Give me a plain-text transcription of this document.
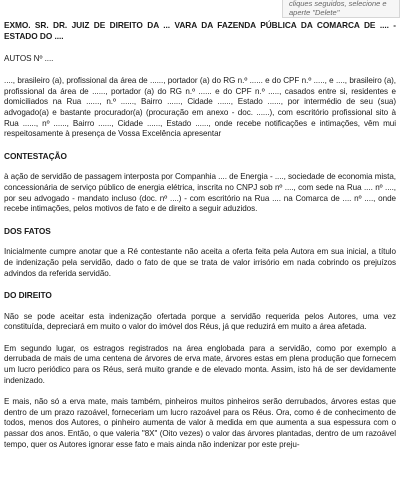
cliques seguidos, selecione e aperte "Delete"
EXMO. SR. DR. JUIZ DE DIREITO DA ... VARA DA FAZENDA PÚBLICA DA COMARCA DE .... - ESTADO DO ....
AUTOS Nº ....

...., brasileiro (a), profissional da área de ......, portador (a) do RG n.º ...... e do CPF n.º ....., e ...., brasileiro (a), profissional da área de ......, portador (a) do RG n.º ...... e do CPF n.º ....., casados entre si, residentes e domiciliados na Rua ......, n.º ......, Bairro ......, Cidade ......, Estado ......, por intermédio de seu (sua) advogado(a) e bastante procurador(a) (procuração em anexo - doc. ......), com escritório profissional sito à Rua ......, nº ......, Bairro ......, Cidade ......, Estado ......, onde recebe notificações e intimações, vêm mui respeitosamente à presença de Vossa Excelência apresentar

CONTESTAÇÃO

à ação de servidão de passagem interposta por Companhia .... de Energia - ...., sociedade de economia mista, concessionária de serviço público de energia elétrica, inscrita no CNPJ sob nº ...., com sede na Rua .... nº ...., por seu advogado - mandato incluso (doc. nº ....) - com escritório na Rua .... na Comarca de .... nº ...., onde recebe intimações, pelos motivos de fato e de direito a seguir aduzidos.

DOS FATOS

Inicialmente cumpre anotar que a Ré contestante não aceita a oferta feita pela Autora em sua inicial, a título de indenização pela servidão, dado o fato de que se trata de valor irrisório em nada cobrindo os prejuízos advindos da referida servidão.

DO DIREITO

Não se pode aceitar esta indenização ofertada porque a servidão requerida pelos Autores, uma vez constituída, depreciará em muito o valor do imóvel dos Réus, já que reduzirá em muito a área afetada.

Em segundo lugar, os estragos registrados na área englobada para a servidão, como por exemplo a derrubada de mais de uma centena de árvores de erva mate, árvores estas em plena produção que fornecem um lucro periódico para os Réus, será muito grande e de elevado monta. Assim, isto há de ser devidamente indenizado.

E mais, não só a erva mate, mais também, pinheiros muitos pinheiros serão derrubados, árvores estas que dentro de um prazo razoável, forneceriam um lucro razoável para os Réus. Ora, como é de conhecimento de todos, menos dos Autores, o pinheiro aumenta de valor à medida em que aumenta a sua espessura com o passar dos anos. Então, o que valeria "8X" (Oito vezes) o valor das árvores plantadas, dentro de um razoável tempo, quer os Autores ignorar esse fato e mais ainda não indenizar por este preju-
